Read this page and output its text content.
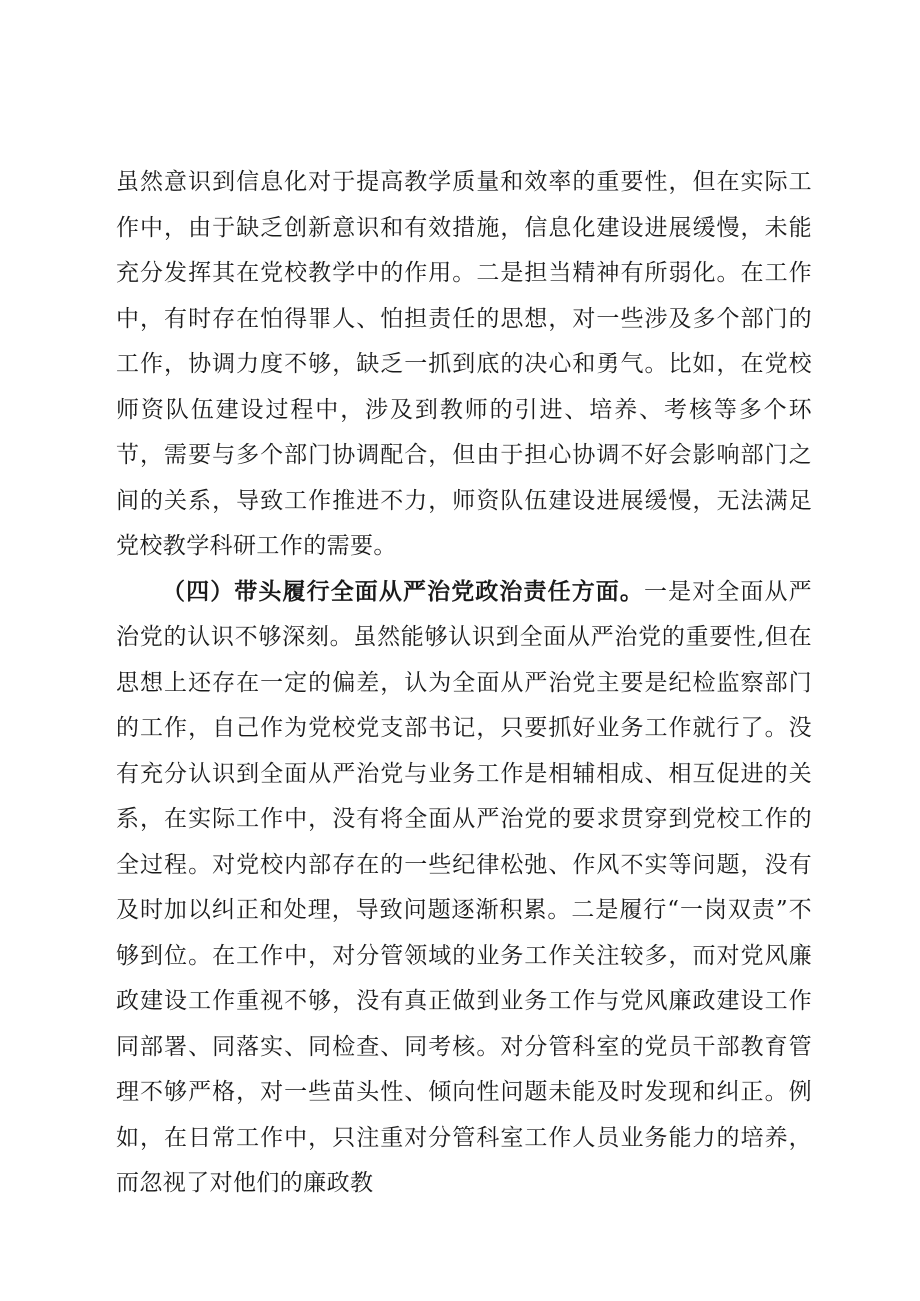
虽然意识到信息化对于提高教学质量和效率的重要性，但在实际工作中，由于缺乏创新意识和有效措施，信息化建设进展缓慢，未能充分发挥其在党校教学中的作用。二是担当精神有所弱化。在工作中，有时存在怕得罪人、怕担责任的思想，对一些涉及多个部门的工作，协调力度不够，缺乏一抓到底的决心和勇气。比如，在党校师资队伍建设过程中，涉及到教师的引进、培养、考核等多个环节，需要与多个部门协调配合，但由于担心协调不好会影响部门之间的关系，导致工作推进不力，师资队伍建设进展缓慢，无法满足党校教学科研工作的需要。

（四）带头履行全面从严治党政治责任方面。一是对全面从严治党的认识不够深刻。虽然能够认识到全面从严治党的重要性,但在思想上还存在一定的偏差，认为全面从严治党主要是纪检监察部门的工作，自己作为党校党支部书记，只要抓好业务工作就行了。没有充分认识到全面从严治党与业务工作是相辅相成、相互促进的关系，在实际工作中，没有将全面从严治党的要求贯穿到党校工作的全过程。对党校内部存在的一些纪律松弛、作风不实等问题，没有及时加以纠正和处理，导致问题逐渐积累。二是履行“一岗双责”不够到位。在工作中，对分管领域的业务工作关注较多，而对党风廉政建设工作重视不够，没有真正做到业务工作与党风廉政建设工作同部署、同落实、同检查、同考核。对分管科室的党员干部教育管理不够严格，对一些苗头性、倾向性问题未能及时发现和纠正。例如，在日常工作中，只注重对分管科室工作人员业务能力的培养，而忽视了对他们的廉政教
